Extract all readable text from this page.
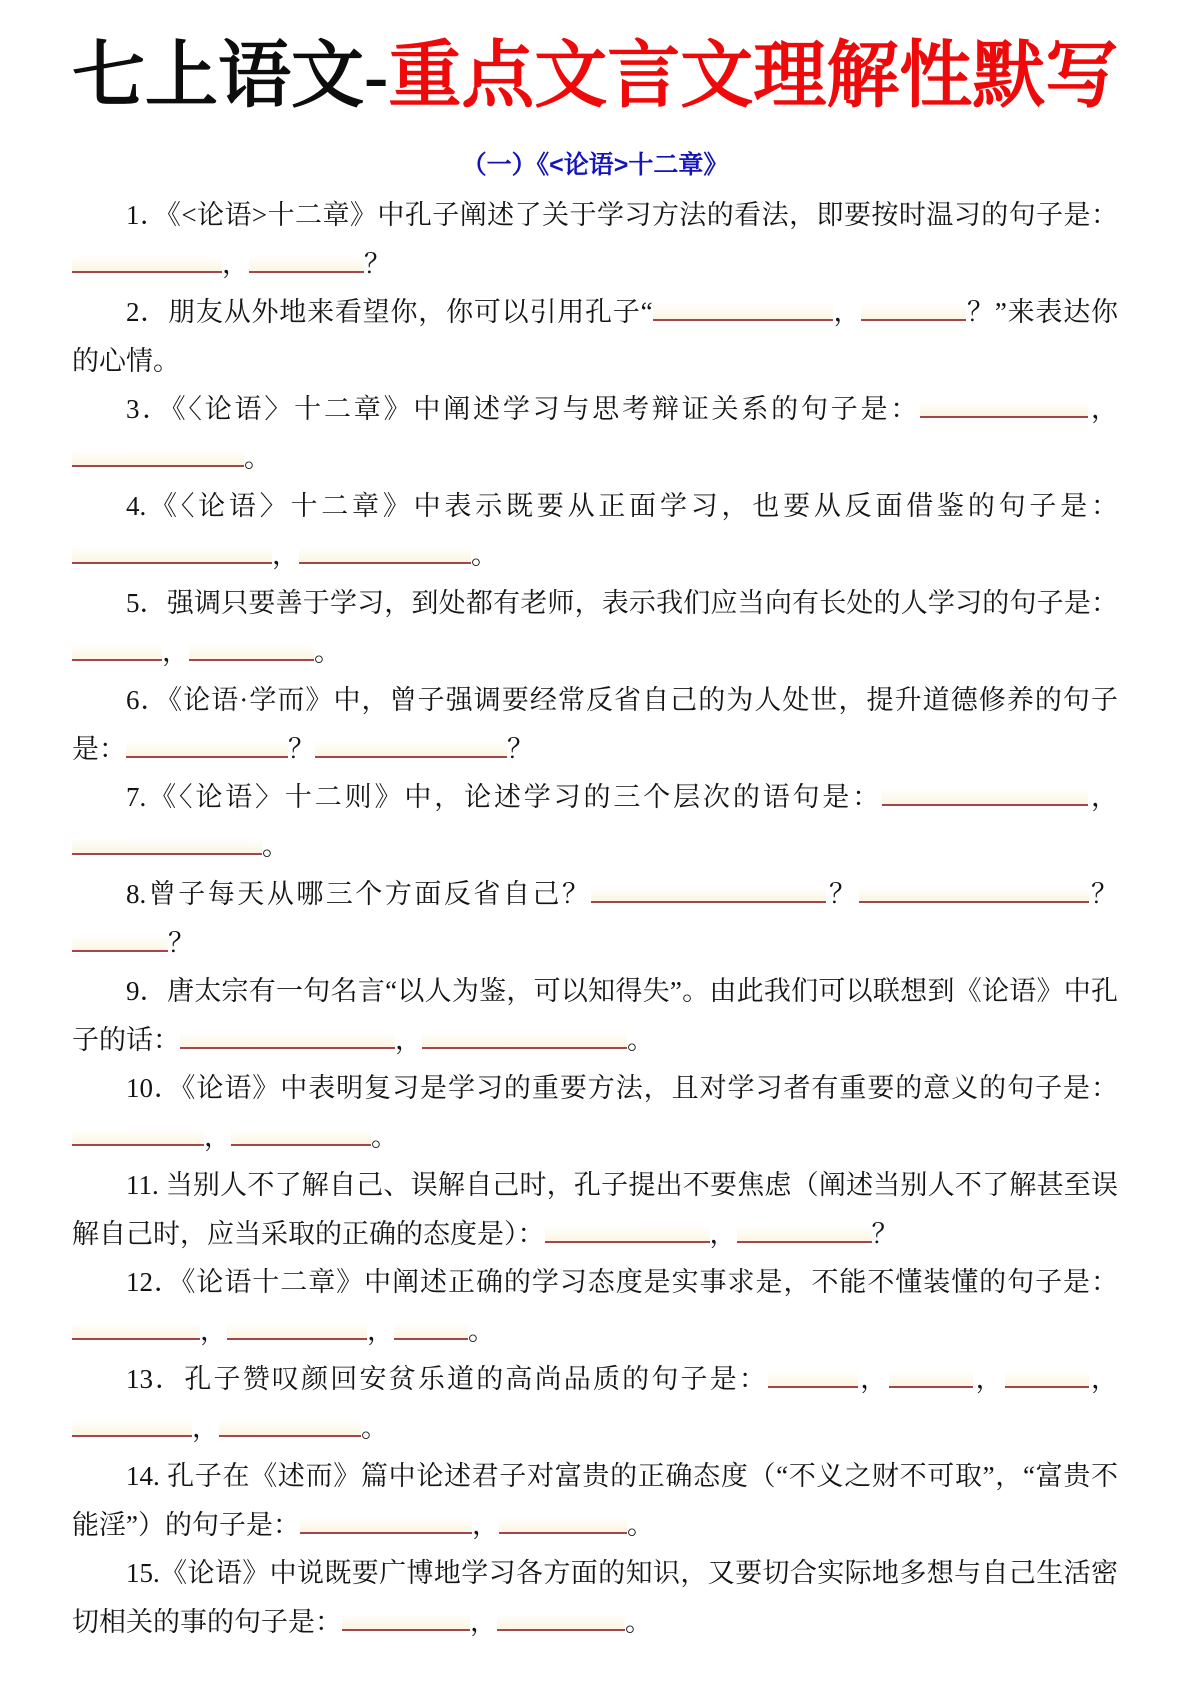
七上语文-重点文言文理解性默写
（一）《<论语>十二章》

1．《<论语>十二章》中孔子阐述了关于学习方法的看法，即要按时温习的句子是：，	？

2．朋友从外地来看望你，你可以引用孔子“	，	？”来表达你的心情。

3．《〈论语〉十二章》中阐述学习与思考辩证关系的句子是：	，。

4.《〈论语〉十二章》中表示既要从正面学习，也要从反面借鉴的句子是：，	。

5．强调只要善于学习，到处都有老师，表示我们应当向有长处的人学习的句子是：，	。

6．《论语·学而》中，曾子强调要经常反省自己的为人处世，提升道德修养的句子是：	？	？

7.《〈论语〉十二则》中，论述学习的三个层次的语句是：	，。

8.曾子每天从哪三个方面反省自己？	？	？？

9．唐太宗有一句名言“以人为鉴，可以知得失”。由此我们可以联想到《论语》中孔子的话：	，	。

10．《论语》中表明复习是学习的重要方法，且对学习者有重要的意义的句子是：，	。

11. 当别人不了解自己、误解自己时，孔子提出不要焦虑（阐述当别人不了解甚至误解自己时，应当采取的正确的态度是）：	，	？

12．《论语十二章》中阐述正确的学习态度是实事求是，不能不懂装懂的句子是：，	，	。

13．孔子赞叹颜回安贫乐道的高尚品质的句子是：	，	，	，，	。

14. 孔子在《述而》篇中论述君子对富贵的正确态度（“不义之财不可取”，“富贵不能淫”）的句子是：	，	。

15.《论语》中说既要广博地学习各方面的知识，又要切合实际地多想与自己生活密切相关的事的句子是：	，	。
